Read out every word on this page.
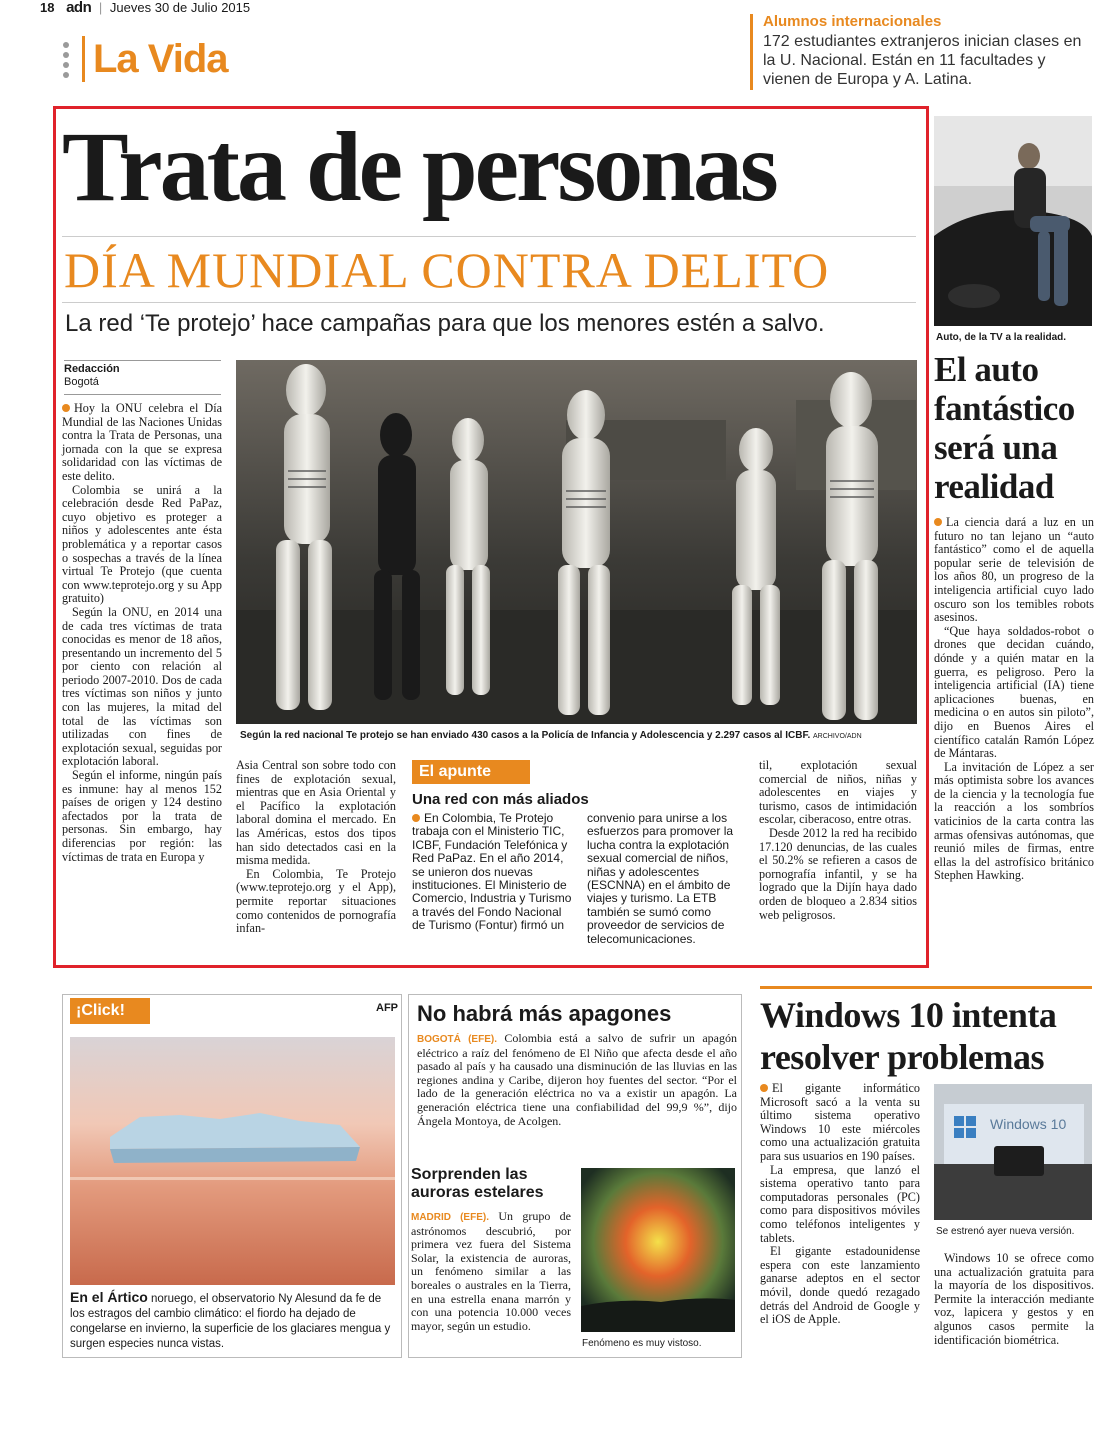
18 adn | Jueves 30 de Julio 2015
La Vida
Alumnos internacionales
172 estudiantes extranjeros inician clases en la U. Nacional. Están en 11 facultades y vienen de Europa y A. Latina.
Trata de personas
DÍA MUNDIAL CONTRA DELITO
La red ‘Te protejo’ hace campañas para que los menores estén a salvo.
Redacción
Bogotá

Hoy la ONU celebra el Día Mundial de las Naciones Unidas contra la Trata de Personas, una jornada con la que se expresa solidaridad con las víctimas de este delito.

Colombia se unirá a la celebración desde Red PaPaz, cuyo objetivo es proteger a niños y adolescentes ante ésta problemática y a reportar casos o sospechas a través de la línea virtual Te Protejo (que cuenta con www.teprotejo.org y su App gratuito)

Según la ONU, en 2014 una de cada tres víctimas de trata conocidas es menor de 18 años, presentando un incremento del 5 por ciento con relación al periodo 2007-2010. Dos de cada tres víctimas son niños y junto con las mujeres, la mitad del total de las víctimas son utilizadas con fines de explotación sexual, seguidas por explotación laboral.

Según el informe, ningún país es inmune: hay al menos 152 países de origen y 124 destino afectados por la trata de personas. Sin embargo, hay diferencias por región: las víctimas de trata en Europa y

Según la red nacional Te protejo se han enviado 430 casos a la Policía de Infancia y Adolescencia y 2.297 casos al ICBF. ARCHIVO/ADN

Asia Central son sobre todo con fines de explotación sexual, mientras que en Asia Oriental y el Pacífico la explotación laboral domina el mercado. En las Américas, estos dos tipos han sido detectados casi en la misma medida.

En Colombia, Te Protejo (www.teprotejo.org y el App), permite reportar situaciones como contenidos de pornografía infan-

El apunte
Una red con más aliados
En Colombia, Te Protejo trabaja con el Ministerio TIC, ICBF, Fundación Telefónica y Red PaPaz. En el año 2014, se unieron dos nuevas instituciones. El Ministerio de Comercio, Industria y Turismo a través del Fondo Nacional de Turismo (Fontur) firmó un
convenio para unirse a los esfuerzos para promover la lucha contra la explotación sexual comercial de niños, niñas y adolescentes (ESCNNA) en el ámbito de viajes y turismo. La ETB también se sumó como proveedor de servicios de telecomunicaciones.

til, explotación sexual comercial de niños, niñas y adolescentes en viajes y turismo, casos de intimidación escolar, ciberacoso, entre otras.

Desde 2012 la red ha recibido 17.120 denuncias, de las cuales el 50.2% se refieren a casos de pornografía infantil, y se ha logrado que la Dijín haya dado orden de bloqueo a 2.834 sitios web peligrosos.

Auto, de la TV a la realidad.
El auto fantástico será una realidad

La ciencia dará a luz en un futuro no tan lejano un “auto fantástico” como el de aquella popular serie de televisión de los años 80, un progreso de la inteligencia artificial cuyo lado oscuro son los temibles robots asesinos.

“Que haya soldados-robot o drones que decidan cuándo, dónde y a quién matar en la guerra, es peligroso. Pero la inteligencia artificial (IA) tiene aplicaciones buenas, en medicina o en autos sin piloto”, dijo en Buenos Aires el científico catalán Ramón López de Mántaras.

La invitación de López a ser más optimista sobre los avances de la ciencia y la tecnología fue la reacción a los sombríos vaticinios de la carta contra las armas ofensivas autónomas, que reunió miles de firmas, entre ellas la del astrofísico británico Stephen Hawking.

¡Click!	AFP
En el Ártico noruego, el observatorio Ny Alesund da fe de los estragos del cambio climático: el fiordo ha dejado de congelarse en invierno, la superficie de los glaciares mengua y surgen especies nunca vistas.
No habrá más apagones
BOGOTÁ (EFE). Colombia está a salvo de sufrir un apagón eléctrico a raíz del fenómeno de El Niño que afecta desde el año pasado al país y ha causado una disminución de las lluvias en las regiones andina y Caribe, dijeron hoy fuentes del sector. “Por el lado de la generación eléctrica no va a existir un apagón. La generación eléctrica tiene una confiabilidad del 99,9 %”, dijo Ángela Montoya, de Acolgen.
Sorprenden las auroras estelares
MADRID (EFE). Un grupo de astrónomos descubrió, por primera vez fuera del Sistema Solar, la existencia de auroras, un fenómeno similar a las boreales o australes en la Tierra, en una estrella enana marrón y con una potencia 10.000 veces mayor, según un estudio.
Fenómeno es muy vistoso.
Windows 10 intenta resolver problemas

El gigante informático Microsoft sacó a la venta su último sistema operativo Windows 10 este miércoles como una actualización gratuita para sus usuarios en 190 países.

La empresa, que lanzó el sistema operativo tanto para computadoras personales (PC) como para dispositivos móviles como teléfonos inteligentes y tablets.

El gigante estadounidense espera con este lanzamiento ganarse adeptos en el sector móvil, donde quedó rezagado detrás del Android de Google y el iOS de Apple.

Windows 10
Se estrenó ayer nueva versión.

Windows 10 se ofrece como una actualización gratuita para la mayoría de los dispositivos. Permite la interacción mediante voz, lapicera y gestos y en algunos casos permite la identificación biométrica.
